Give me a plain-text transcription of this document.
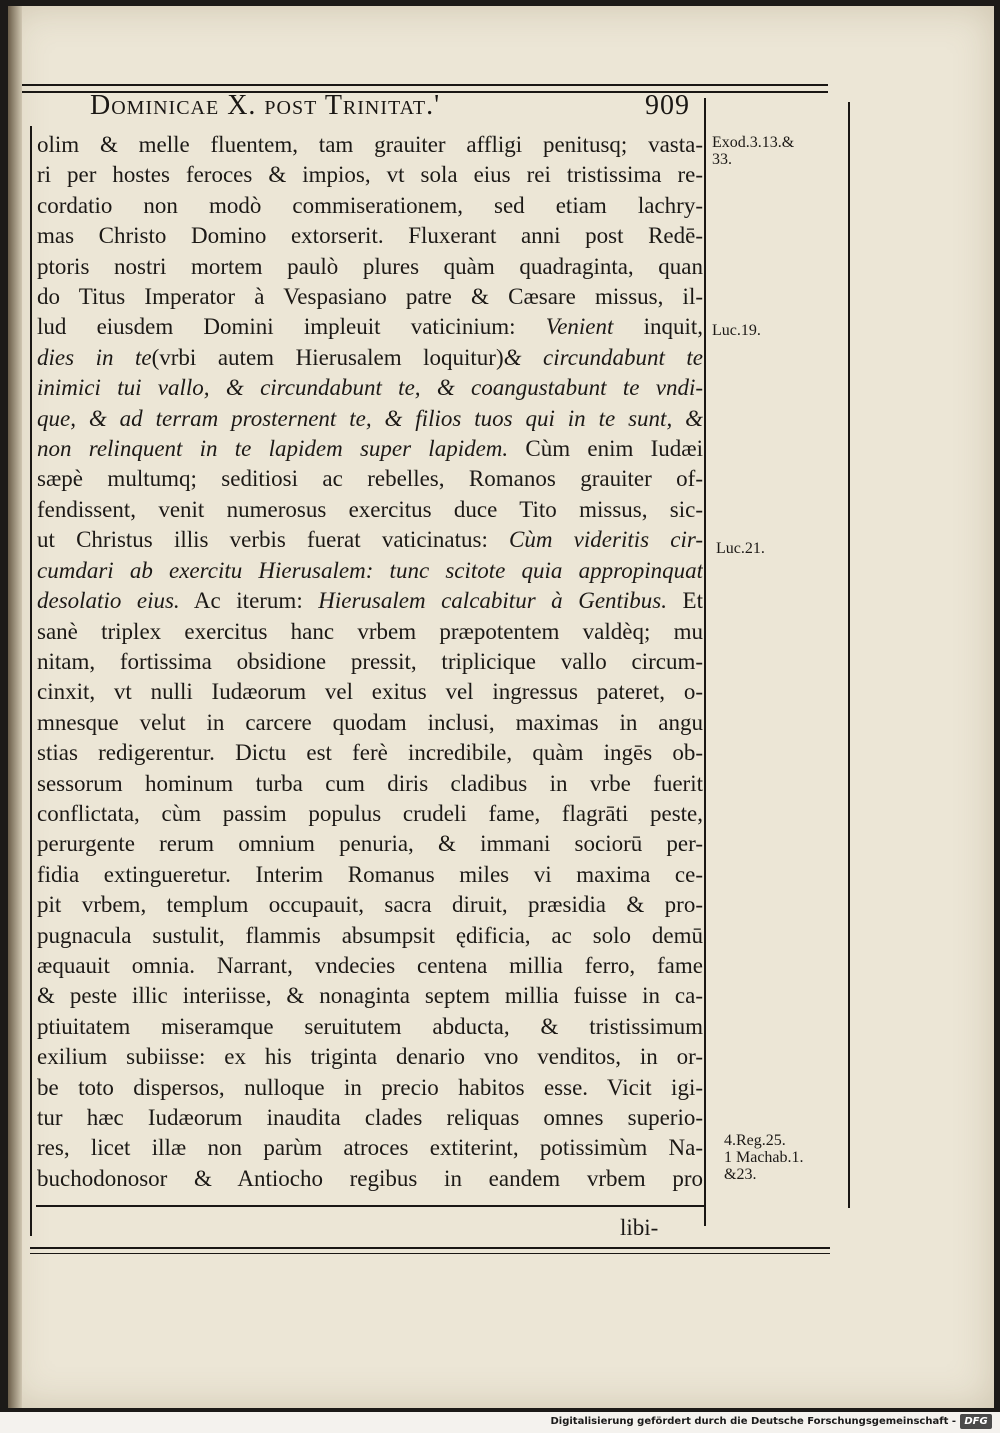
Dominicae X. post Trinitat.'	909
olim & melle fluentem, tam grauiter affligi penitusq; vasta-
ri per hostes feroces & impios, vt sola eius rei tristissima re-
cordatio non modò commiserationem, sed etiam lachry-
mas Christo Domino extorserit. Fluxerant anni post Redē-
ptoris nostri mortem paulò plures quàm quadraginta, quan
do Titus Imperator à Vespasiano patre & Cæsare missus, il-
lud eiusdem Domini impleuit vaticinium: Venient inquit,
dies in te(vrbi autem Hierusalem loquitur)& circundabunt te
inimici tui vallo, & circundabunt te, & coangustabunt te vndi-
que, & ad terram prosternent te, & filios tuos qui in te sunt, &
non relinquent in te lapidem super lapidem. Cùm enim Iudæi
sæpè multumq; seditiosi ac rebelles, Romanos grauiter of-
fendissent, venit numerosus exercitus duce Tito missus, sic-
ut Christus illis verbis fuerat vaticinatus: Cùm videritis cir-
cumdari ab exercitu Hierusalem: tunc scitote quia appropinquat
desolatio eius. Ac iterum: Hierusalem calcabitur à Gentibus. Et
sanè triplex exercitus hanc vrbem præpotentem valdèq; mu
nitam, fortissima obsidione pressit, triplicique vallo circum-
cinxit, vt nulli Iudæorum vel exitus vel ingressus pateret, o-
mnesque velut in carcere quodam inclusi, maximas in angu
stias redigerentur. Dictu est ferè incredibile, quàm ingēs ob-
sessorum hominum turba cum diris cladibus in vrbe fuerit
conflictata, cùm passim populus crudeli fame, flagrāti peste,
perurgente rerum omnium penuria, & immani sociorū per-
fidia extingueretur. Interim Romanus miles vi maxima ce-
pit vrbem, templum occupauit, sacra diruit, præsidia & pro-
pugnacula sustulit, flammis absumpsit ędificia, ac solo demū
æquauit omnia. Narrant, vndecies centena millia ferro, fame
& peste illic interiisse, & nonaginta septem millia fuisse in ca-
ptiuitatem miseramque seruitutem abducta, & tristissimum
exilium subiisse: ex his triginta denario vno venditos, in or-
be toto dispersos, nulloque in precio habitos esse. Vicit igi-
tur hæc Iudæorum inaudita clades reliquas omnes superio-
res, licet illæ non parùm atroces extiterint, potissimùm Na-
buchodonosor & Antiocho regibus in eandem vrbem pro
Exod.3.13.&
33.
Luc.19.
Luc.21.
4.Reg.25.
1 Machab.1.
&23.
libi-
Digitalisierung gefördert durch die Deutsche Forschungsgemeinschaft - DFG
